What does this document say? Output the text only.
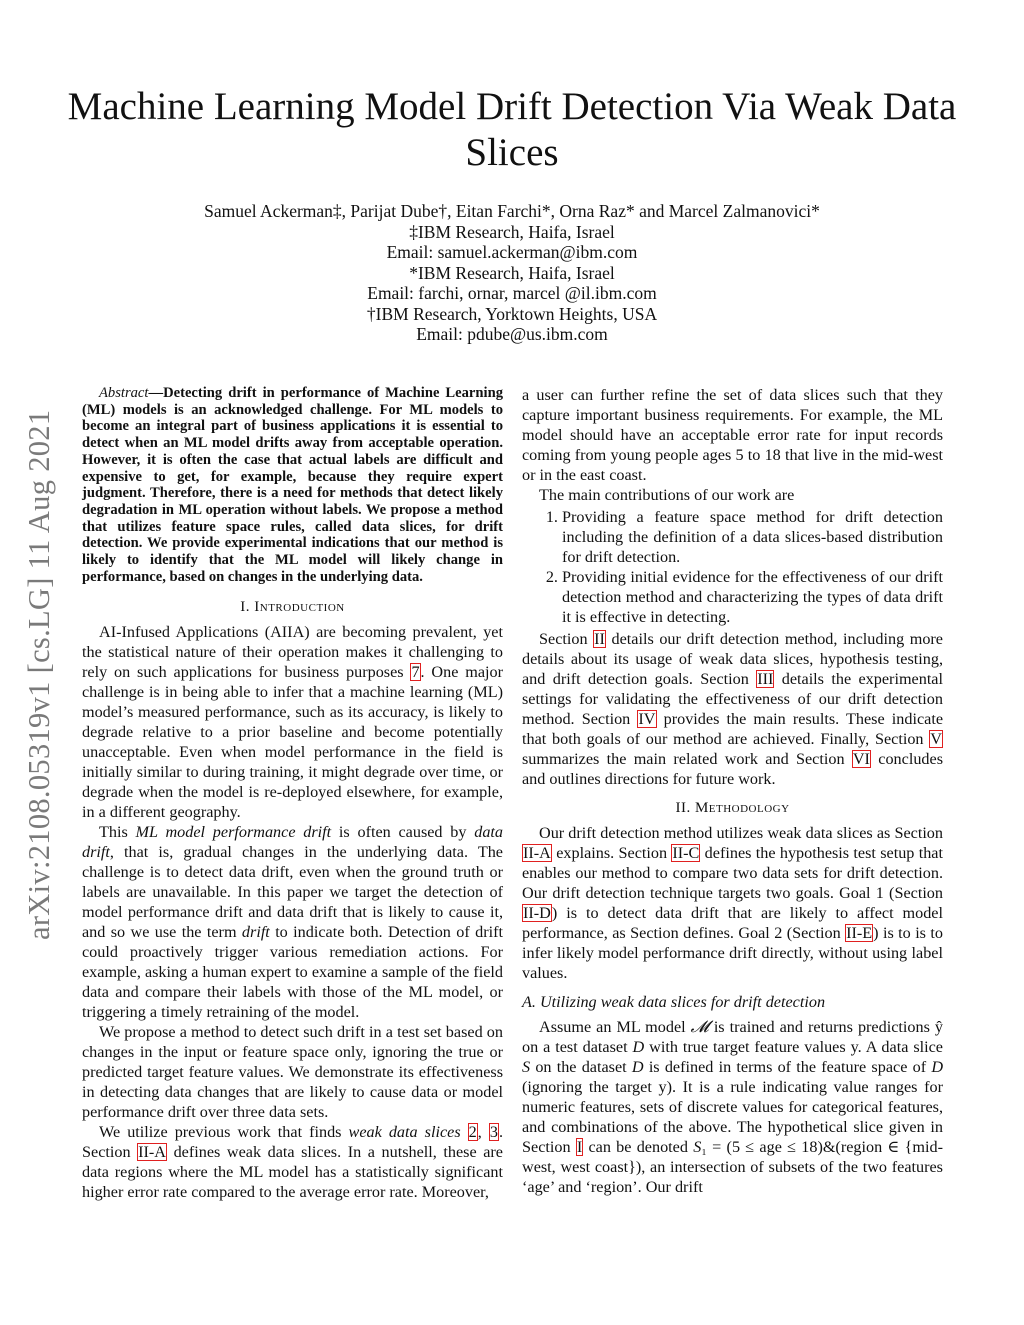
arXiv:2108.05319v1 [cs.LG] 11 Aug 2021
Machine Learning Model Drift Detection Via Weak Data Slices
Samuel Ackerman‡, Parijat Dube†, Eitan Farchi*, Orna Raz* and Marcel Zalmanovici*
‡IBM Research, Haifa, Israel
Email: samuel.ackerman@ibm.com
*IBM Research, Haifa, Israel
Email: farchi, ornar, marcel @il.ibm.com
†IBM Research, Yorktown Heights, USA
Email: pdube@us.ibm.com
Abstract—Detecting drift in performance of Machine Learning (ML) models is an acknowledged challenge. For ML models to become an integral part of business applications it is essential to detect when an ML model drifts away from acceptable operation. However, it is often the case that actual labels are difficult and expensive to get, for example, because they require expert judgment. Therefore, there is a need for methods that detect likely degradation in ML operation without labels. We propose a method that utilizes feature space rules, called data slices, for drift detection. We provide experimental indications that our method is likely to identify that the ML model will likely change in performance, based on changes in the underlying data.
I. Introduction

AI-Infused Applications (AIIA) are becoming prevalent, yet the statistical nature of their operation makes it challenging to rely on such applications for business purposes 7. One major challenge is in being able to infer that a machine learning (ML) model’s measured performance, such as its accuracy, is likely to degrade relative to a prior baseline and become potentially unacceptable. Even when model performance in the field is initially similar to during training, it might degrade over time, or degrade when the model is re-deployed elsewhere, for example, in a different geography.

This ML model performance drift is often caused by data drift, that is, gradual changes in the underlying data. The challenge is to detect data drift, even when the ground truth or labels are unavailable. In this paper we target the detection of model performance drift and data drift that is likely to cause it, and so we use the term drift to indicate both. Detection of drift could proactively trigger various remediation actions. For example, asking a human expert to examine a sample of the field data and compare their labels with those of the ML model, or triggering a timely retraining of the model.

We propose a method to detect such drift in a test set based on changes in the input or feature space only, ignoring the true or predicted target feature values. We demonstrate its effectiveness in detecting data changes that are likely to cause data or model performance drift over three data sets.

We utilize previous work that finds weak data slices 2, 3. Section II-A defines weak data slices. In a nutshell, these are data regions where the ML model has a statistically significant higher error rate compared to the average error rate. Moreover,

a user can further refine the set of data slices such that they capture important business requirements. For example, the ML model should have an acceptable error rate for input records coming from young people ages 5 to 18 that live in the mid-west or in the east coast.

The main contributions of our work are

1. Providing a feature space method for drift detection including the definition of a data slices-based distribution for drift detection.
2. Providing initial evidence for the effectiveness of our drift detection method and characterizing the types of data drift it is effective in detecting.

Section II details our drift detection method, including more details about its usage of weak data slices, hypothesis testing, and drift detection goals. Section III details the experimental settings for validating the effectiveness of our drift detection method. Section IV provides the main results. These indicate that both goals of our method are achieved. Finally, Section V summarizes the main related work and Section VI concludes and outlines directions for future work.

II. Methodology

Our drift detection method utilizes weak data slices as Section II-A explains. Section II-C defines the hypothesis test setup that enables our method to compare two data sets for drift detection. Our drift detection technique targets two goals. Goal 1 (Section II-D) is to detect data drift that are likely to affect model performance, as Section defines. Goal 2 (Section II-E) is to is to infer likely model performance drift directly, without using label values.

A. Utilizing weak data slices for drift detection

Assume an ML model 𝓜 is trained and returns predictions ŷ on a test dataset D with true target feature values y. A data slice S on the dataset D is defined in terms of the feature space of D (ignoring the target y). It is a rule indicating value ranges for numeric features, sets of discrete values for categorical features, and combinations of the above. The hypothetical slice given in Section I can be denoted S₁ = (5 ≤ age ≤ 18)&(region ∈ {mid-west, west coast}), an intersection of subsets of the two features ‘age’ and ‘region’. Our drift
